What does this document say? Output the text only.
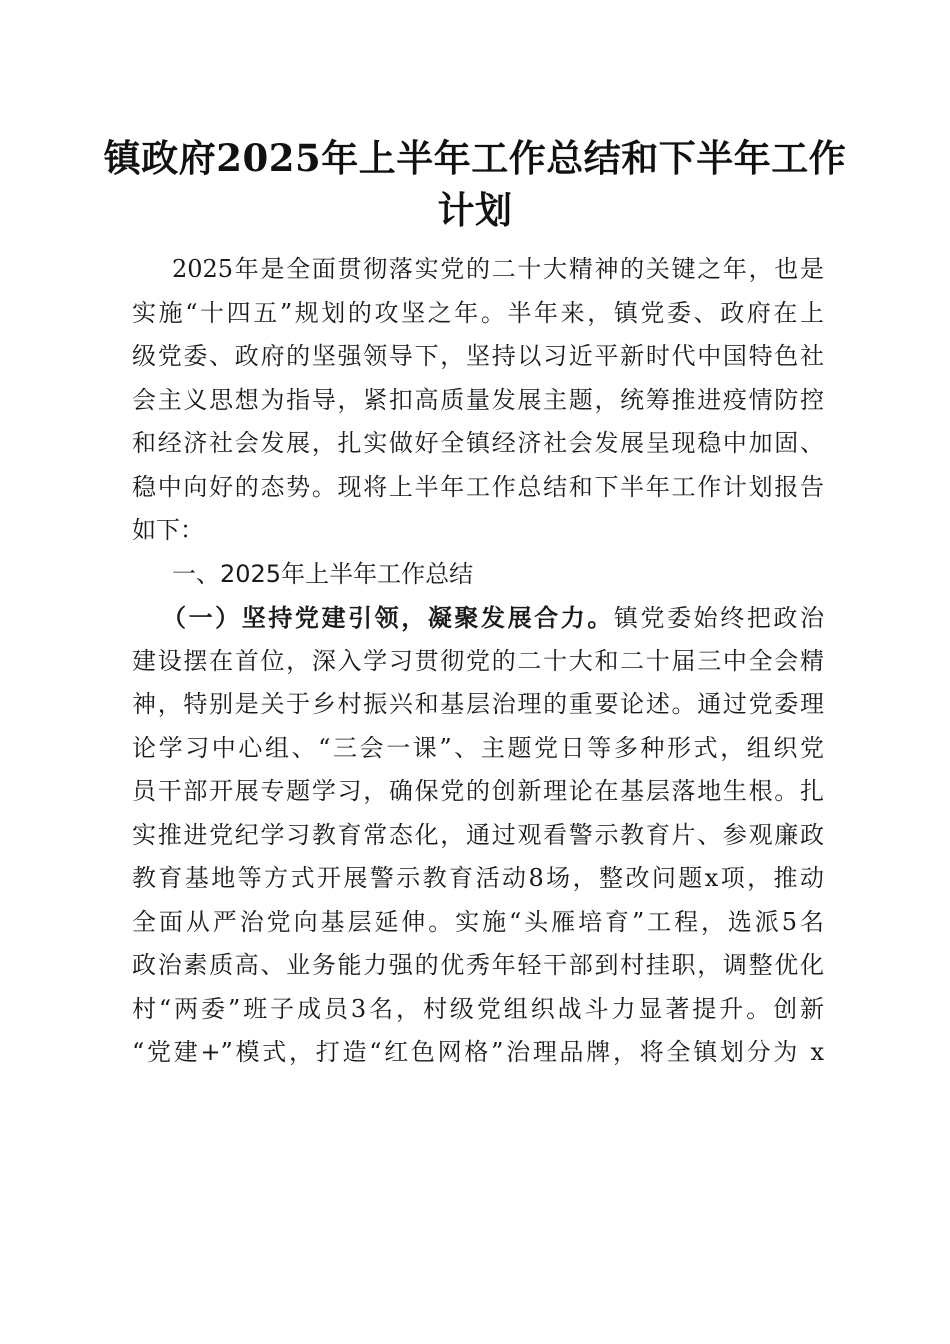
镇政府2025年上半年工作总结和下半年工作
计划
2025年是全面贯彻落实党的二十大精神的关键之年，也是
实施“十四五”规划的攻坚之年。半年来，镇党委、政府在上
级党委、政府的坚强领导下，坚持以习近平新时代中国特色社
会主义思想为指导，紧扣高质量发展主题，统筹推进疫情防控
和经济社会发展，扎实做好全镇经济社会发展呈现稳中加固、
稳中向好的态势。现将上半年工作总结和下半年工作计划报告
如下：
一、2025年上半年工作总结
（一）坚持党建引领，凝聚发展合力。镇党委始终把政治
建设摆在首位，深入学习贯彻党的二十大和二十届三中全会精
神，特别是关于乡村振兴和基层治理的重要论述。通过党委理
论学习中心组、“三会一课”、主题党日等多种形式，组织党
员干部开展专题学习，确保党的创新理论在基层落地生根。扎
实推进党纪学习教育常态化，通过观看警示教育片、参观廉政
教育基地等方式开展警示教育活动8场，整改问题x项，推动
全面从严治党向基层延伸。实施“头雁培育”工程，选派5名
政治素质高、业务能力强的优秀年轻干部到村挂职，调整优化
村“两委”班子成员3名，村级党组织战斗力显著提升。创新
“党建+”模式，打造“红色网格”治理品牌，将全镇划分为 x
